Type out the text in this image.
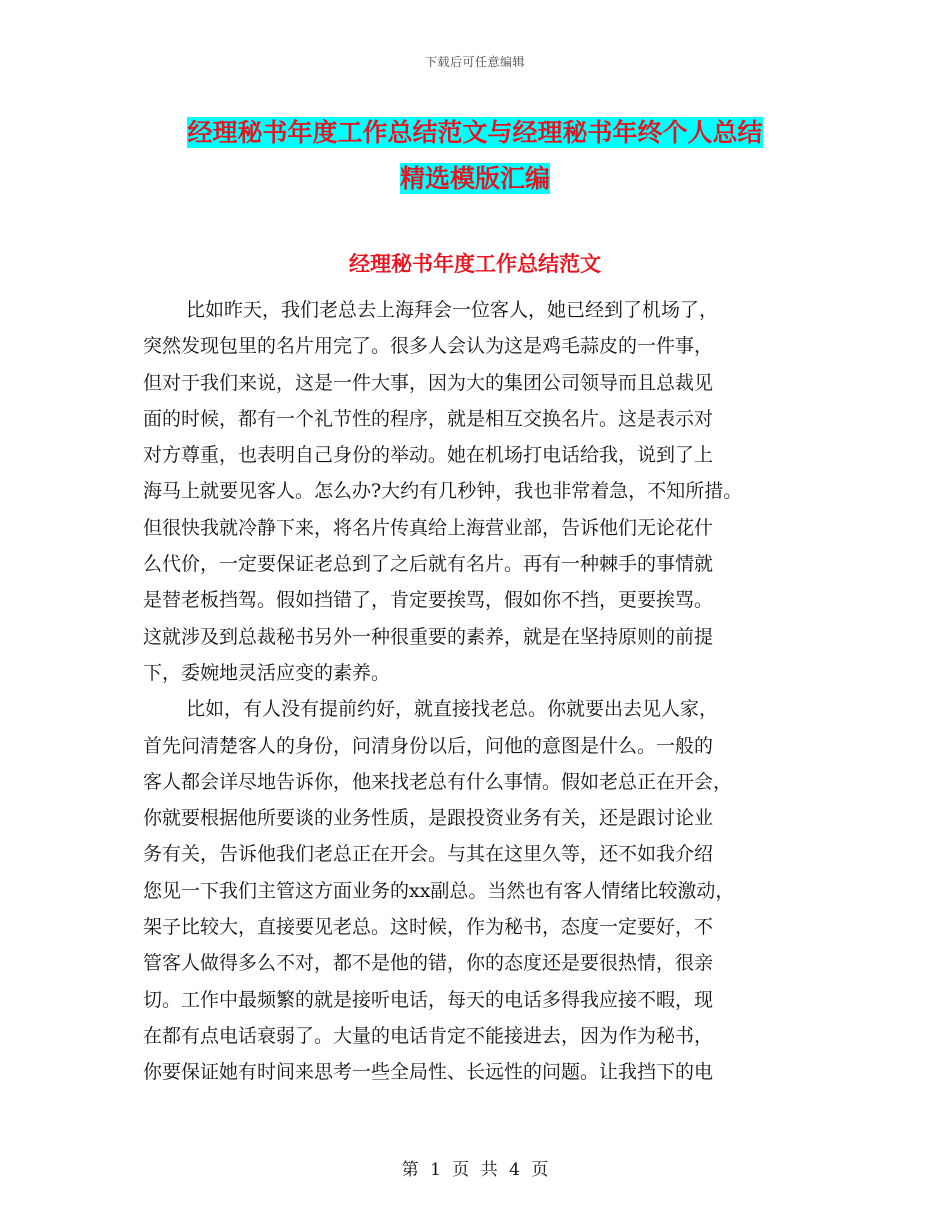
下载后可任意编辑
经理秘书年度工作总结范文与经理秘书年终个人总结
精选模版汇编
经理秘书年度工作总结范文
比如昨天，我们老总去上海拜会一位客人，她已经到了机场了，
突然发现包里的名片用完了。很多人会认为这是鸡毛蒜皮的一件事，
但对于我们来说，这是一件大事，因为大的集团公司领导而且总裁见
面的时候，都有一个礼节性的程序，就是相互交换名片。这是表示对
对方尊重，也表明自己身份的举动。她在机场打电话给我，说到了上
海马上就要见客人。怎么办?大约有几秒钟，我也非常着急，不知所措。
但很快我就冷静下来，将名片传真给上海营业部，告诉他们无论花什
么代价，一定要保证老总到了之后就有名片。再有一种棘手的事情就
是替老板挡驾。假如挡错了，肯定要挨骂，假如你不挡，更要挨骂。
这就涉及到总裁秘书另外一种很重要的素养，就是在坚持原则的前提
下，委婉地灵活应变的素养。
比如，有人没有提前约好，就直接找老总。你就要出去见人家，
首先问清楚客人的身份，问清身份以后，问他的意图是什么。一般的
客人都会详尽地告诉你，他来找老总有什么事情。假如老总正在开会，
你就要根据他所要谈的业务性质，是跟投资业务有关，还是跟讨论业
务有关，告诉他我们老总正在开会。与其在这里久等，还不如我介绍
您见一下我们主管这方面业务的xx副总。当然也有客人情绪比较激动，
架子比较大，直接要见老总。这时候，作为秘书，态度一定要好，不
管客人做得多么不对，都不是他的错，你的态度还是要很热情，很亲
切。工作中最频繁的就是接听电话，每天的电话多得我应接不暇，现
在都有点电话衰弱了。大量的电话肯定不能接进去，因为作为秘书，
你要保证她有时间来思考一些全局性、长远性的问题。让我挡下的电
第 1 页 共 4 页
